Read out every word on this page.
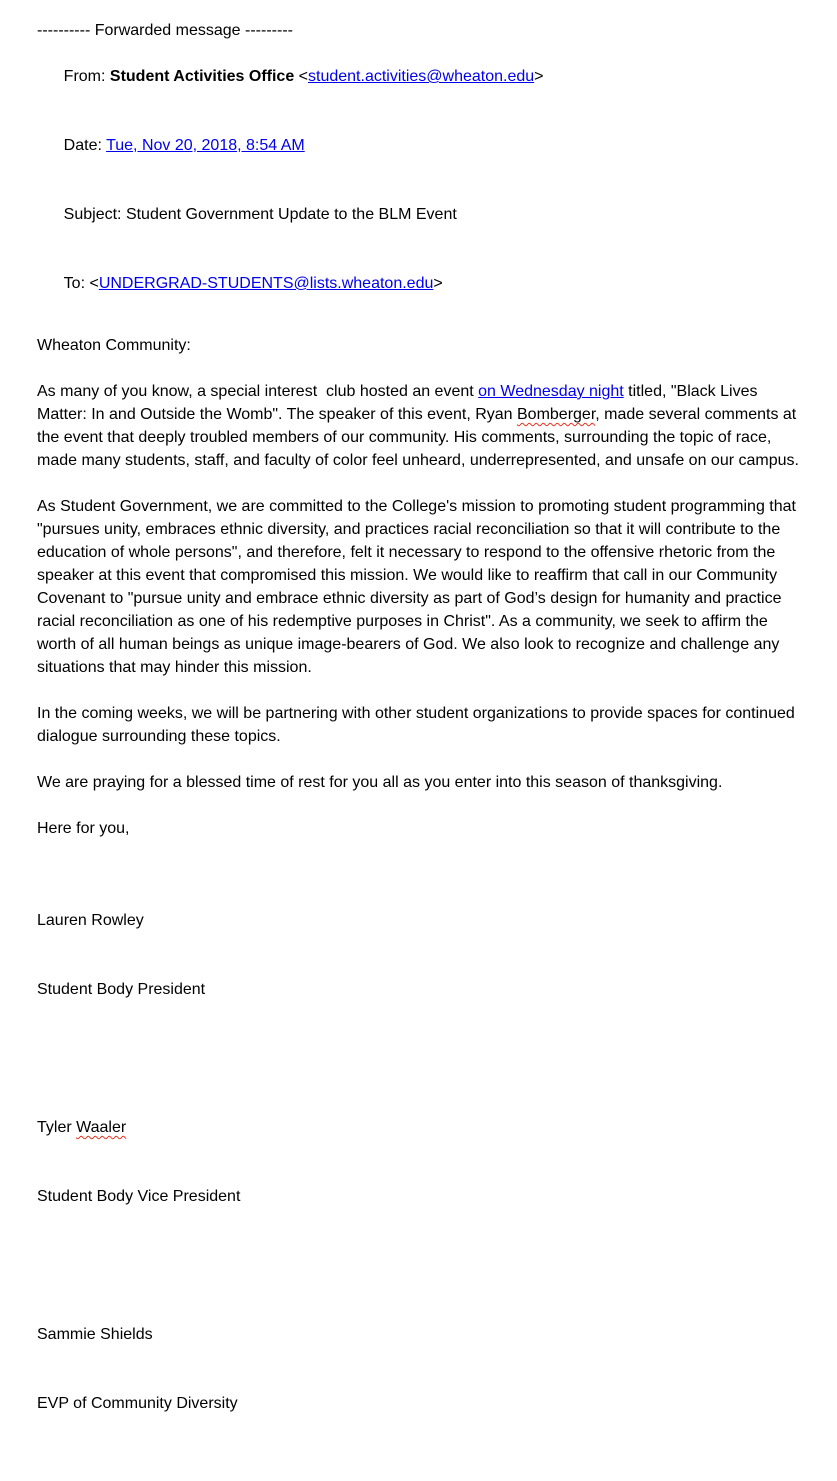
---------- Forwarded message ---------

From: Student Activities Office <student.activities@wheaton.edu>

Date: Tue, Nov 20, 2018, 8:54 AM

Subject: Student Government Update to the BLM Event

To: <UNDERGRAD-STUDENTS@lists.wheaton.edu>

Wheaton Community:

As many of you know, a special interest  club hosted an event on Wednesday night titled, "Black Lives Matter: In and Outside the Womb". The speaker of this event, Ryan Bomberger, made several comments at the event that deeply troubled members of our community. His comments, surrounding the topic of race, made many students, staff, and faculty of color feel unheard, underrepresented, and unsafe on our campus.

As Student Government, we are committed to the College's mission to promoting student programming that "pursues unity, embraces ethnic diversity, and practices racial reconciliation so that it will contribute to the education of whole persons", and therefore, felt it necessary to respond to the offensive rhetoric from the speaker at this event that compromised this mission. We would like to reaffirm that call in our Community Covenant to "pursue unity and embrace ethnic diversity as part of God’s design for humanity and practice racial reconciliation as one of his redemptive purposes in Christ". As a community, we seek to affirm the worth of all human beings as unique image-bearers of God. We also look to recognize and challenge any situations that may hinder this mission.

In the coming weeks, we will be partnering with other student organizations to provide spaces for continued dialogue surrounding these topics.

We are praying for a blessed time of rest for you all as you enter into this season of thanksgiving.

Here for you,

Lauren Rowley

Student Body President

Tyler Waaler

Student Body Vice President

Sammie Shields

EVP of Community Diversity
